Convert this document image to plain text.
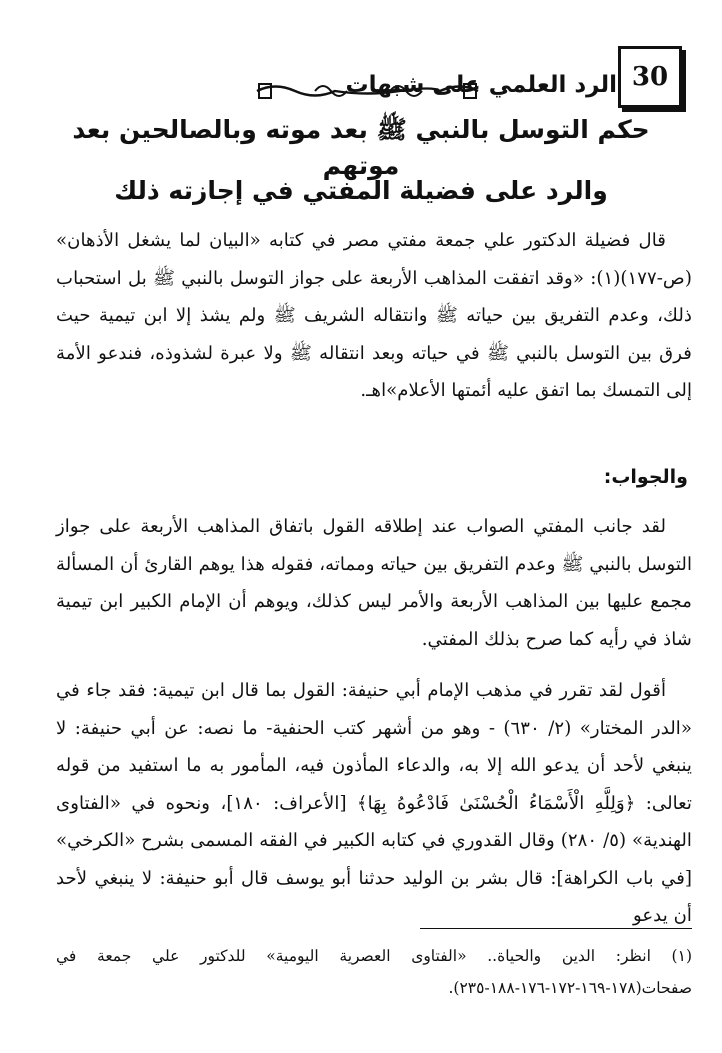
30
الرد العلمي على شبهات
حكم التوسل بالنبي ﷺ بعد موته وبالصالحين بعد موتهم
والرد على فضيلة المفتي في إجازته ذلك

قال فضيلة الدكتور علي جمعة مفتي مصر في كتابه «البيان لما يشغل الأذهان» (ص-١٧٧)(١): «وقد اتفقت المذاهب الأربعة على جواز التوسل بالنبي ﷺ بل استحباب ذلك، وعدم التفريق بين حياته ﷺ وانتقاله الشريف ﷺ ولم يشذ إلا ابن تيمية حيث فرق بين التوسل بالنبي ﷺ في حياته وبعد انتقاله ﷺ ولا عبرة لشذوذه، فندعو الأمة إلى التمسك بما اتفق عليه أئمتها الأعلام»اهـ.

والجواب:

لقد جانب المفتي الصواب عند إطلاقه القول باتفاق المذاهب الأربعة على جواز التوسل بالنبي ﷺ وعدم التفريق بين حياته ومماته، فقوله هذا يوهم القارئ أن المسألة مجمع عليها بين المذاهب الأربعة والأمر ليس كذلك، ويوهم أن الإمام الكبير ابن تيمية شاذ في رأيه كما صرح بذلك المفتي.

أقول لقد تقرر في مذهب الإمام أبي حنيفة: القول بما قال ابن تيمية: فقد جاء في «الدر المختار» (٢/ ٦٣٠) - وهو من أشهر كتب الحنفية- ما نصه: عن أبي حنيفة: لا ينبغي لأحد أن يدعو الله إلا به، والدعاء المأذون فيه، المأمور به ما استفيد من قوله تعالى: ﴿وَلِلَّهِ الْأَسْمَاءُ الْحُسْنَىٰ فَادْعُوهُ بِهَا﴾ [الأعراف: ١٨٠]، ونحوه في «الفتاوى الهندية» (٥/ ٢٨٠) وقال القدوري في كتابه الكبير في الفقه المسمى بشرح «الكرخي» [في باب الكراهة]: قال بشر بن الوليد حدثنا أبو يوسف قال أبو حنيفة: لا ينبغي لأحد أن يدعو

(١) انظر: الدين والحياة.. «الفتاوى العصرية اليومية» للدكتور علي جمعة في صفحات(١٧٨-١٦٩-١٧٢-١٧٦-١٨٨-٢٣٥).
